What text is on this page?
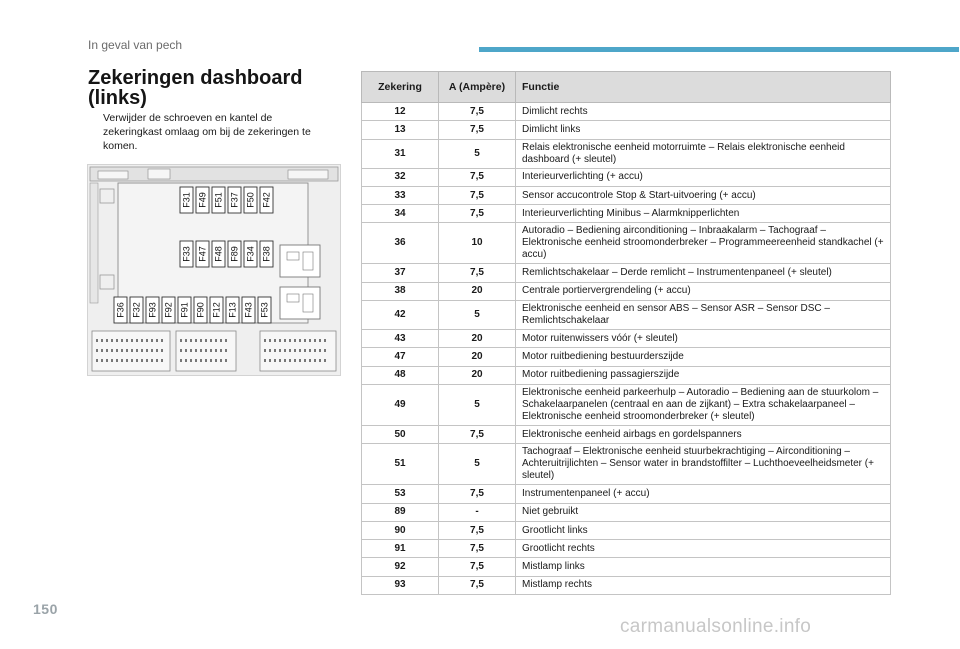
In geval van pech
Zekeringen dashboard (links)
Verwijder de schroeven en kantel de zekeringkast omlaag om bij de zekeringen te komen.
F31 F49 F51 F37 F50 F42
F33 F47 F48 F89 F34 F38
F36 F32 F93 F92 F91 F90 F12 F13 F43 F53
Zekering	A (Ampère)	Functie
12	7,5	Dimlicht rechts
13	7,5	Dimlicht links
31	5	Relais elektronische eenheid motorruimte – Relais elektronische eenheid dashboard (+ sleutel)
32	7,5	Interieurverlichting (+ accu)
33	7,5	Sensor accucontrole Stop & Start-uitvoering (+ accu)
34	7,5	Interieurverlichting Minibus – Alarmknipperlichten
36	10	Autoradio – Bediening airconditioning – Inbraakalarm – Tachograaf – Elektronische eenheid stroomonderbreker – Programmeereenheid standkachel (+ accu)
37	7,5	Remlichtschakelaar – Derde remlicht – Instrumentenpaneel (+ sleutel)
38	20	Centrale portiervergrendeling (+ accu)
42	5	Elektronische eenheid en sensor ABS – Sensor ASR – Sensor DSC – Remlichtschakelaar
43	20	Motor ruitenwissers vóór (+ sleutel)
47	20	Motor ruitbediening bestuurderszijde
48	20	Motor ruitbediening passagierszijde
49	5	Elektronische eenheid parkeerhulp – Autoradio – Bediening aan de stuurkolom – Schakelaarpanelen (centraal en aan de zijkant) – Extra schakelaarpaneel – Elektronische eenheid stroomonderbreker (+ sleutel)
50	7,5	Elektronische eenheid airbags en gordelspanners
51	5	Tachograaf – Elektronische eenheid stuurbekrachtiging – Airconditioning – Achteruitrijlichten – Sensor water in brandstoffilter – Luchthoeveelheidsmeter (+ sleutel)
53	7,5	Instrumentenpaneel (+ accu)
89	-	Niet gebruikt
90	7,5	Grootlicht links
91	7,5	Grootlicht rechts
92	7,5	Mistlamp links
93	7,5	Mistlamp rechts
150
carmanualsonline.info
